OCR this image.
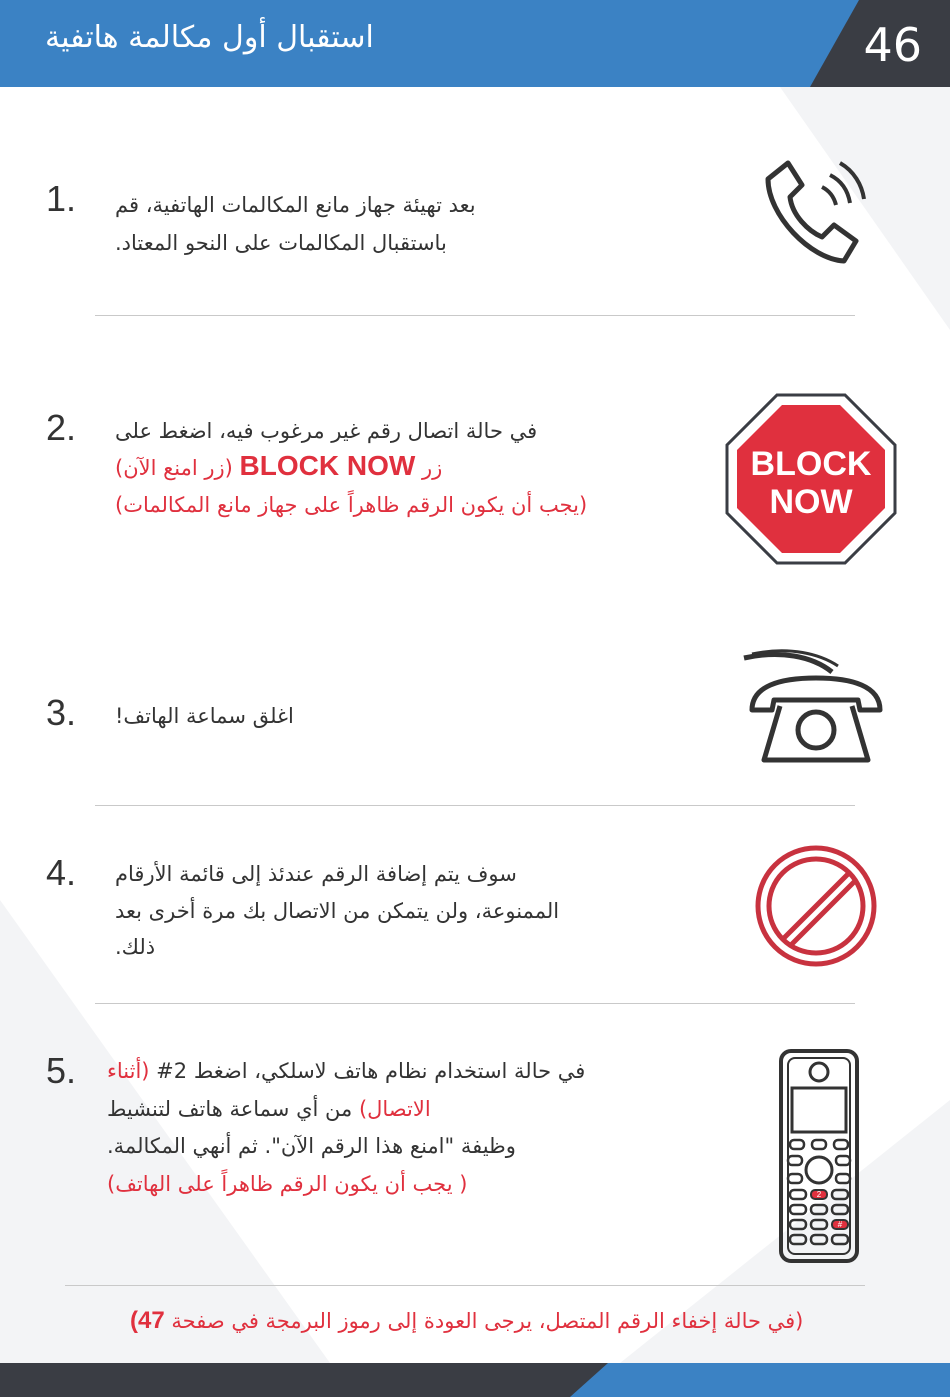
استقبال أول مكالمة هاتفية	46
1. بعد تهيئة جهاز مانع المكالمات الهاتفية، قم
باستقبال المكالمات على النحو المعتاد.
2. في حالة اتصال رقم غير مرغوب فيه، اضغط على
زر BLOCK NOW (زر امنع الآن)
(يجب أن يكون الرقم ظاهراً على جهاز مانع المكالمات)
BLOCK
NOW
3. اغلق سماعة الهاتف!
4. سوف يتم إضافة الرقم عندئذ إلى قائمة الأرقام
الممنوعة، ولن يتمكن من الاتصال بك مرة أخرى بعد
ذلك.
5.	في حالة استخدام نظام هاتف لاسلكي، اضغط 2# (أثناء
الاتصال) من أي سماعة هاتف لتنشيط
وظيفة "امنع هذا الرقم الآن". ثم أنهي المكالمة.
( يجب أن يكون الرقم ظاهراً على الهاتف)	2
#
(في حالة إخفاء الرقم المتصل، يرجى العودة إلى رموز البرمجة في صفحة 47)
